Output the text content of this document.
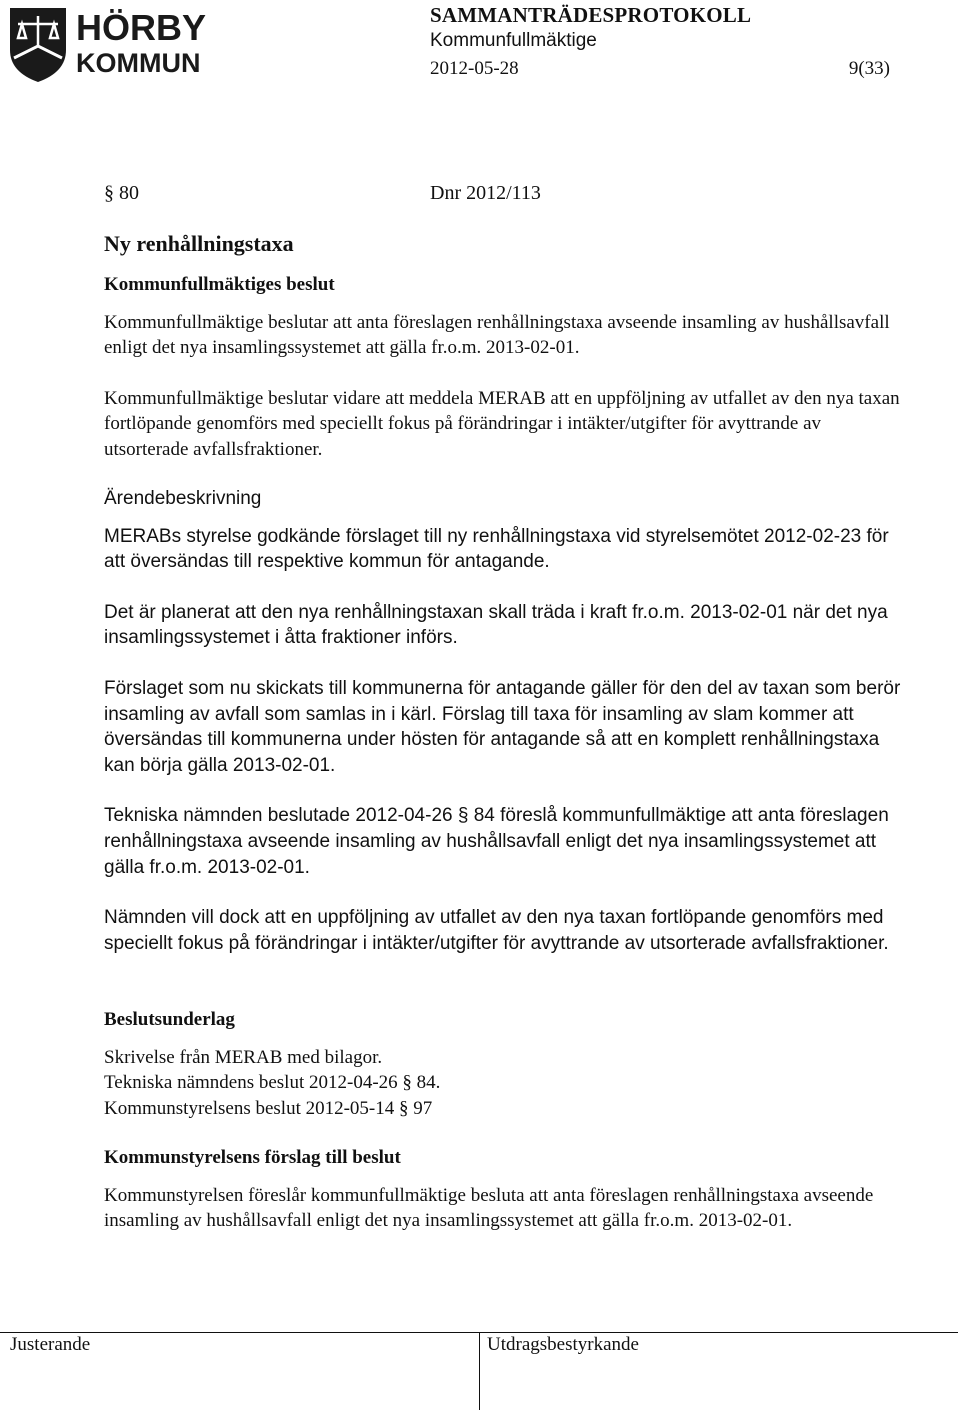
HÖRBY
KOMMUN
SAMMANTRÄDESPROTOKOLL
Kommunfullmäktige
2012-05-28	9(33)
§ 80	Dnr 2012/113
Ny renhållningstaxa

Kommunfullmäktiges beslut

Kommunfullmäktige beslutar att anta föreslagen renhållningstaxa avseende insamling av hushållsavfall enligt det nya insamlingssystemet att gälla fr.o.m. 2013-02-01.

Kommunfullmäktige beslutar vidare att meddela MERAB att en uppföljning av utfallet av den nya taxan fortlöpande genomförs med speciellt fokus på förändringar i intäkter/utgifter för avyttrande av utsorterade avfallsfraktioner.

Ärendebeskrivning

MERABs styrelse godkände förslaget till ny renhållningstaxa vid styrelsemötet 2012-02-23 för att översändas till respektive kommun för antagande.

Det är planerat att den nya renhållningstaxan skall träda i kraft fr.o.m. 2013-02-01 när det nya insamlingssystemet i åtta fraktioner införs.

Förslaget som nu skickats till kommunerna för antagande gäller för den del av taxan som berör insamling av avfall som samlas in i kärl. Förslag till taxa för insamling av slam kommer att översändas till kommunerna under hösten för antagande så att en komplett renhållningstaxa kan börja gälla 2013-02-01.

Tekniska nämnden beslutade 2012-04-26 § 84 föreslå kommunfullmäktige att anta föreslagen renhållningstaxa avseende insamling av hushållsavfall enligt det nya insamlingssystemet att gälla fr.o.m. 2013-02-01.

Nämnden vill dock att en uppföljning av utfallet av den nya taxan fortlöpande genomförs med speciellt fokus på förändringar i intäkter/utgifter för avyttrande av utsorterade avfallsfraktioner.

Beslutsunderlag

Skrivelse från MERAB med bilagor.

Tekniska nämndens beslut 2012-04-26 § 84.

Kommunstyrelsens beslut 2012-05-14 § 97

Kommunstyrelsens förslag till beslut

Kommunstyrelsen föreslår kommunfullmäktige besluta att anta föreslagen renhållningstaxa avseende insamling av hushållsavfall enligt det nya insamlingssystemet att gälla fr.o.m. 2013-02-01.

Justerande	Utdragsbestyrkande
